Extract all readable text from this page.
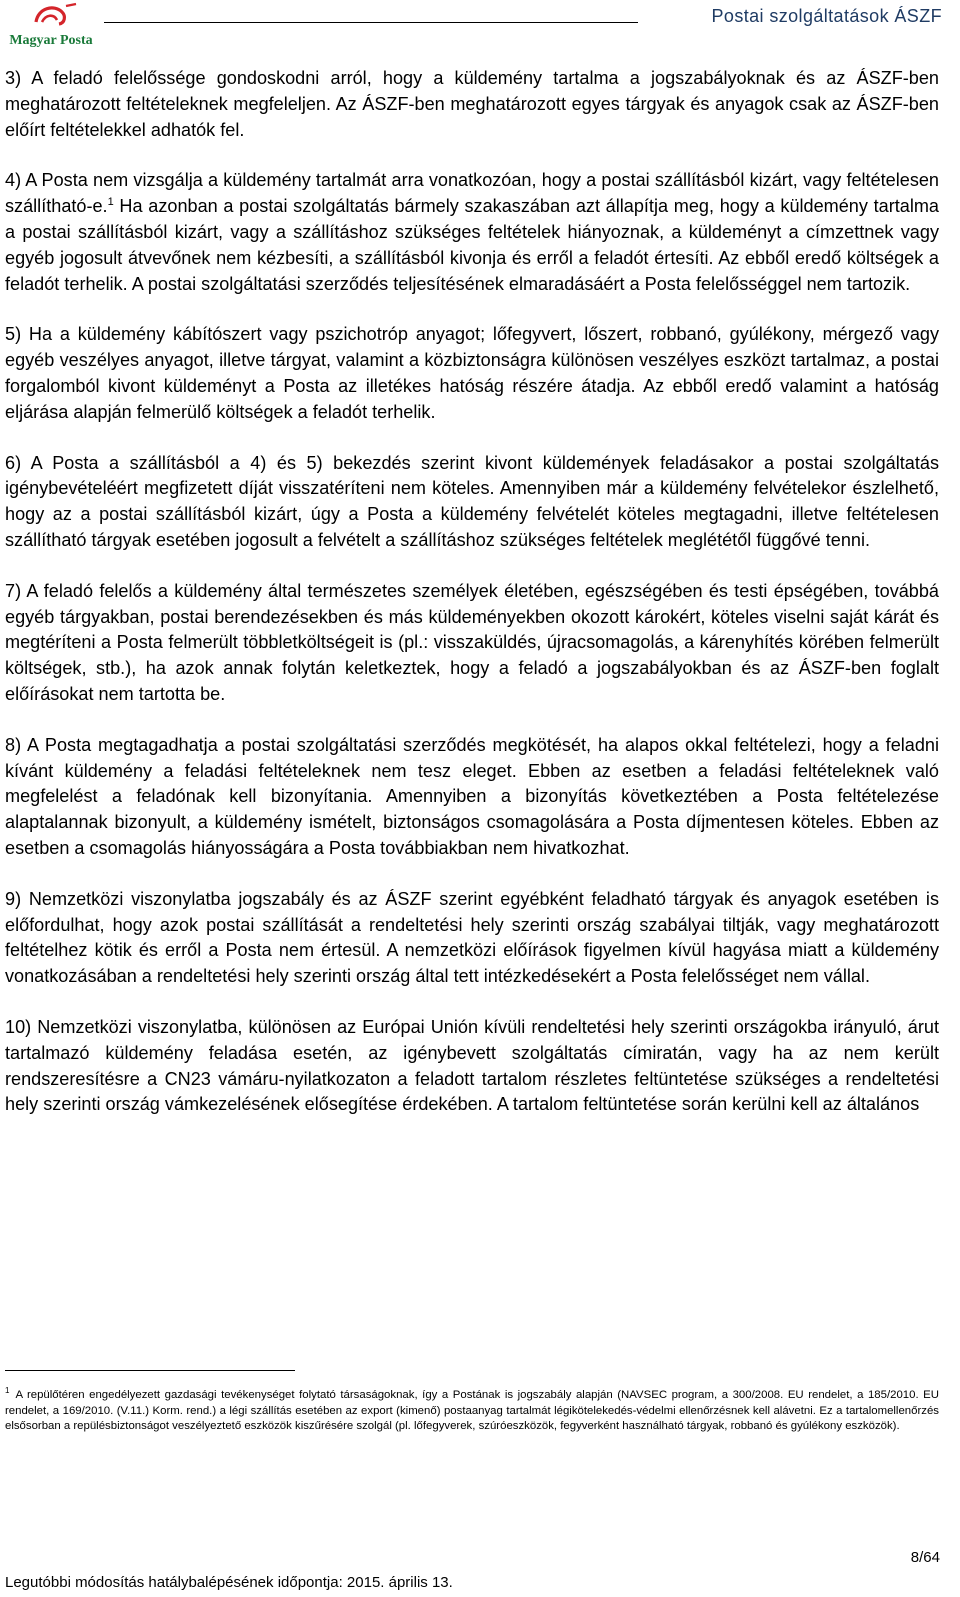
Magyar Posta
Postai szolgáltatások ÁSZF

3) A feladó felelőssége gondoskodni arról, hogy a küldemény tartalma a jogszabályoknak és az ÁSZF-ben meghatározott feltételeknek megfeleljen. Az ÁSZF-ben meghatározott egyes tárgyak és anyagok csak az ÁSZF-ben előírt feltételekkel adhatók fel.

4) A Posta nem vizsgálja a küldemény tartalmát arra vonatkozóan, hogy a postai szállításból kizárt, vagy feltételesen szállítható-e.$^1$ Ha azonban a postai szolgáltatás bármely szakaszában azt állapítja meg, hogy a küldemény tartalma a postai szállításból kizárt, vagy a szállításhoz szükséges feltételek hiányoznak, a küldeményt a címzettnek vagy egyéb jogosult átvevőnek nem kézbesíti, a szállításból kivonja és erről a feladót értesíti. Az ebből eredő költségek a feladót terhelik. A postai szolgáltatási szerződés teljesítésének elmaradásáért a Posta felelősséggel nem tartozik.

5) Ha a küldemény kábítószert vagy pszichotróp anyagot; lőfegyvert, lőszert, robbanó, gyúlékony, mérgező vagy egyéb veszélyes anyagot, illetve tárgyat, valamint a közbiztonságra különösen veszélyes eszközt tartalmaz, a postai forgalomból kivont küldeményt a Posta az illetékes hatóság részére átadja. Az ebből eredő valamint a hatóság eljárása alapján felmerülő költségek a feladót terhelik.

6) A Posta a szállításból a 4) és 5) bekezdés szerint kivont küldemények feladásakor a postai szolgáltatás igénybevételéért megfizetett díját visszatéríteni nem köteles. Amennyiben már a küldemény felvételekor észlelhető, hogy az a postai szállításból kizárt, úgy a Posta a küldemény felvételét köteles megtagadni, illetve feltételesen szállítható tárgyak esetében jogosult a felvételt a szállításhoz szükséges feltételek meglététől függővé tenni.

7) A feladó felelős a küldemény által természetes személyek életében, egészségében és testi épségében, továbbá egyéb tárgyakban, postai berendezésekben és más küldeményekben okozott károkért, köteles viselni saját kárát és megtéríteni a Posta felmerült többletköltségeit is (pl.: visszaküldés, újracsomagolás, a kárenyhítés körében felmerült költségek, stb.), ha azok annak folytán keletkeztek, hogy a feladó a jogszabályokban és az ÁSZF-ben foglalt előírásokat nem tartotta be.

8) A Posta megtagadhatja a postai szolgáltatási szerződés megkötését, ha alapos okkal feltételezi, hogy a feladni kívánt küldemény a feladási feltételeknek nem tesz eleget. Ebben az esetben a feladási feltételeknek való megfelelést a feladónak kell bizonyítania. Amennyiben a bizonyítás következtében a Posta feltételezése alaptalannak bizonyult, a küldemény ismételt, biztonságos csomagolására a Posta díjmentesen köteles. Ebben az esetben a csomagolás hiányosságára a Posta továbbiakban nem hivatkozhat.

9) Nemzetközi viszonylatba jogszabály és az ÁSZF szerint egyébként feladható tárgyak és anyagok esetében is előfordulhat, hogy azok postai szállítását a rendeltetési hely szerinti ország szabályai tiltják, vagy meghatározott feltételhez kötik és erről a Posta nem értesül. A nemzetközi előírások figyelmen kívül hagyása miatt a küldemény vonatkozásában a rendeltetési hely szerinti ország által tett intézkedésekért a Posta felelősséget nem vállal.

10) Nemzetközi viszonylatba, különösen az Európai Unión kívüli rendeltetési hely szerinti országokba irányuló, árut tartalmazó küldemény feladása esetén, az igénybevett szolgáltatás címiratán, vagy ha az nem került rendszeresítésre a CN23 vámáru-nyilatkozaton a feladott tartalom részletes feltüntetése szükséges a rendeltetési hely szerinti ország vámkezelésének elősegítése érdekében. A tartalom feltüntetése során kerülni kell az általános

$^1$ A repülőtéren engedélyezett gazdasági tevékenységet folytató társaságoknak, így a Postának is jogszabály alapján (NAVSEC program, a 300/2008. EU rendelet, a 185/2010. EU rendelet, a 169/2010. (V.11.) Korm. rend.) a légi szállítás esetében az export (kimenő) postaanyag tartalmát légikötelekedés-védelmi ellenőrzésnek kell alávetni. Ez a tartalomellenőrzés elsősorban a repülésbiztonságot veszélyeztető eszközök kiszűrésére szolgál (pl. lőfegyverek, szúróeszközök, fegyverként használható tárgyak, robbanó és gyúlékony eszközök).

8/64
Legutóbbi módosítás hatálybalépésének időpontja: 2015. április 13.
